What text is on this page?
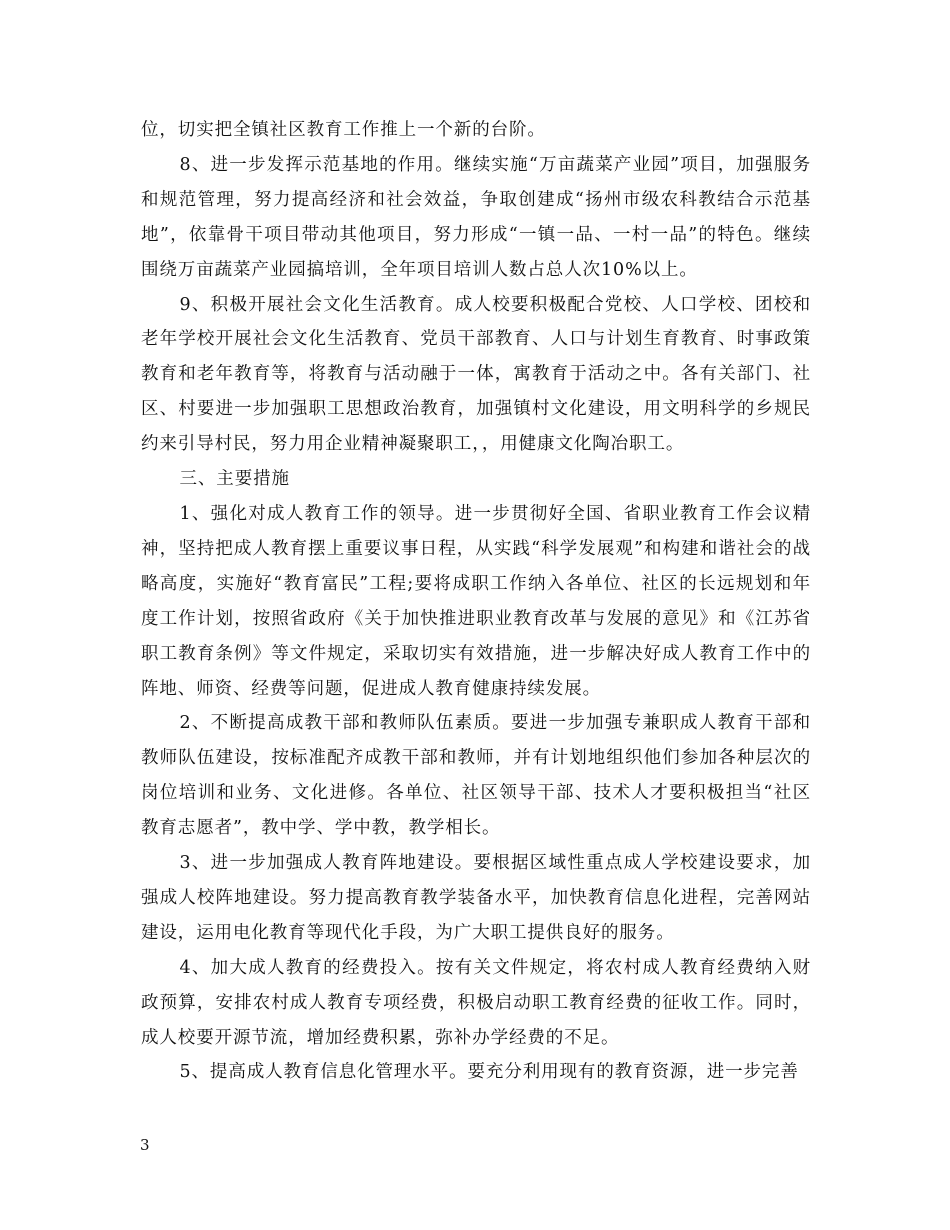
位，切实把全镇社区教育工作推上一个新的台阶。

8、进一步发挥示范基地的作用。继续实施“万亩蔬菜产业园”项目，加强服务和规范管理，努力提高经济和社会效益，争取创建成“扬州市级农科教结合示范基地”，依靠骨干项目带动其他项目，努力形成“一镇一品、一村一品”的特色。继续围绕万亩蔬菜产业园搞培训，全年项目培训人数占总人次10%以上。

9、积极开展社会文化生活教育。成人校要积极配合党校、人口学校、团校和老年学校开展社会文化生活教育、党员干部教育、人口与计划生育教育、时事政策教育和老年教育等，将教育与活动融于一体，寓教育于活动之中。各有关部门、社区、村要进一步加强职工思想政治教育，加强镇村文化建设，用文明科学的乡规民约来引导村民，努力用企业精神凝聚职工，，用健康文化陶冶职工。

三、主要措施

1、强化对成人教育工作的领导。进一步贯彻好全国、省职业教育工作会议精神，坚持把成人教育摆上重要议事日程，从实践“科学发展观”和构建和谐社会的战略高度，实施好“教育富民”工程;要将成职工作纳入各单位、社区的长远规划和年度工作计划，按照省政府《关于加快推进职业教育改革与发展的意见》和《江苏省职工教育条例》等文件规定，采取切实有效措施，进一步解决好成人教育工作中的阵地、师资、经费等问题，促进成人教育健康持续发展。

2、不断提高成教干部和教师队伍素质。要进一步加强专兼职成人教育干部和教师队伍建设，按标准配齐成教干部和教师，并有计划地组织他们参加各种层次的岗位培训和业务、文化进修。各单位、社区领导干部、技术人才要积极担当“社区教育志愿者”，教中学、学中教，教学相长。

3、进一步加强成人教育阵地建设。要根据区域性重点成人学校建设要求，加强成人校阵地建设。努力提高教育教学装备水平，加快教育信息化进程，完善网站建设，运用电化教育等现代化手段，为广大职工提供良好的服务。

4、加大成人教育的经费投入。按有关文件规定，将农村成人教育经费纳入财政预算，安排农村成人教育专项经费，积极启动职工教育经费的征收工作。同时，成人校要开源节流，增加经费积累，弥补办学经费的不足。

5、提高成人教育信息化管理水平。要充分利用现有的教育资源，进一步完善

3
